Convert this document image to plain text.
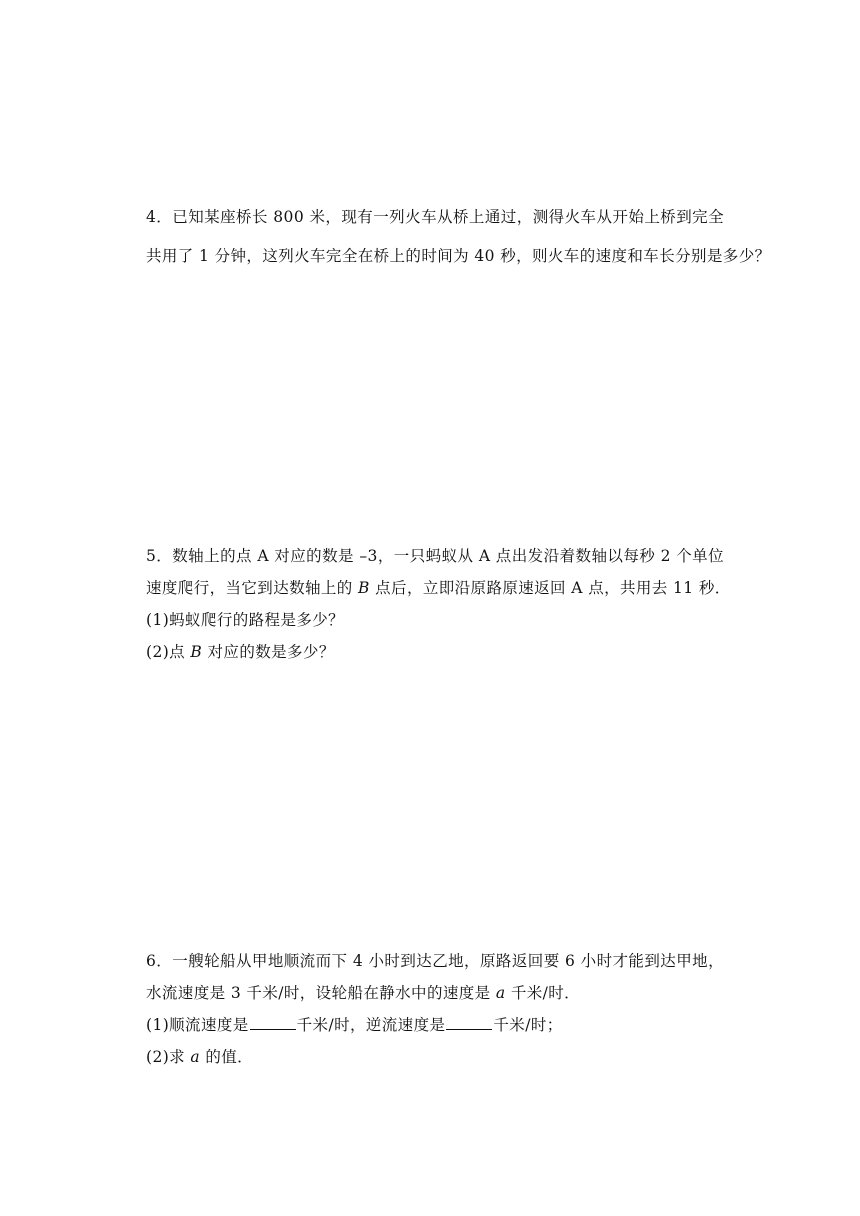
4．已知某座桥长 800 米，现有一列火车从桥上通过，测得火车从开始上桥到完全
共用了 1 分钟，这列火车完全在桥上的时间为 40 秒，则火车的速度和车长分别是多少？
5．数轴上的点 A 对应的数是 –3，一只蚂蚁从 A 点出发沿着数轴以每秒 2 个单位
速度爬行，当它到达数轴上的 B 点后，立即沿原路原速返回 A 点，共用去 11 秒．
(1)蚂蚁爬行的路程是多少？
(2)点 B 对应的数是多少？
6．一艘轮船从甲地顺流而下 4 小时到达乙地，原路返回要 6 小时才能到达甲地，
水流速度是 3 千米/时，设轮船在静水中的速度是 a 千米/时．
(1)顺流速度是	千米/时，逆流速度是	千米/时；
(2)求 a 的值．
